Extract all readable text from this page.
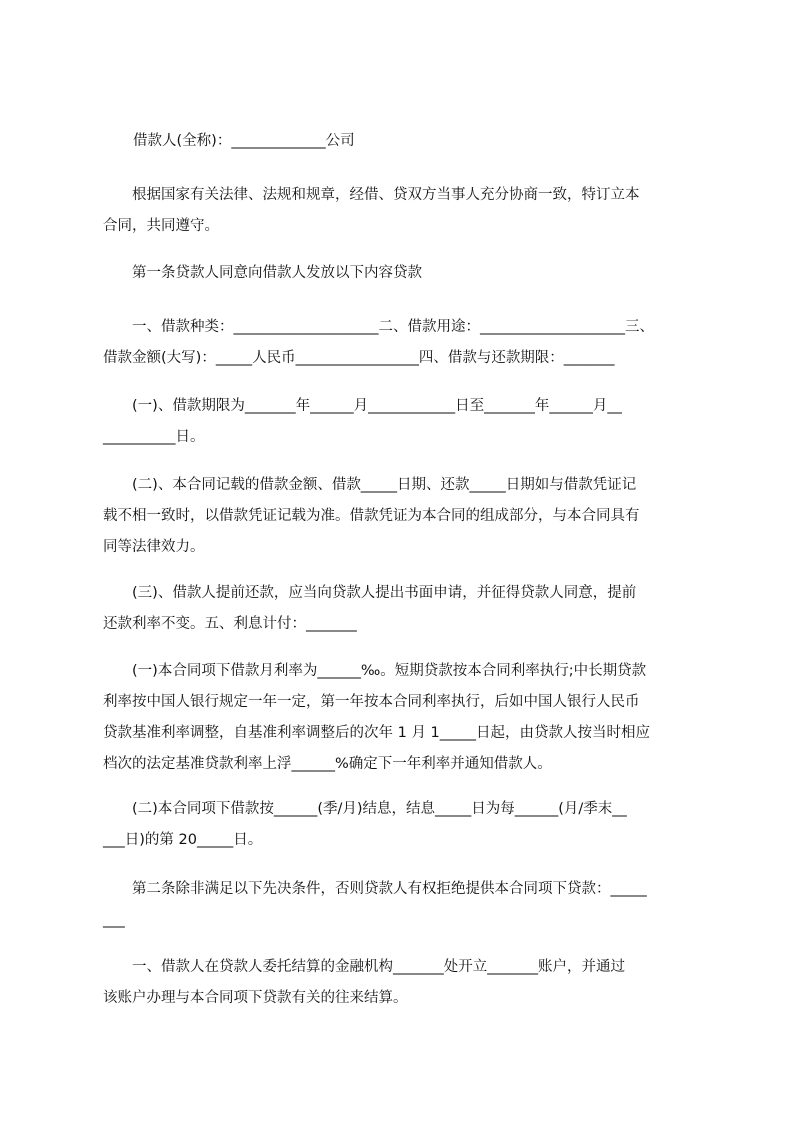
借款人(全称)：_____________公司
　　根据国家有关法律、法规和规章，经借、贷双方当事人充分协商一致，特订立本
合同，共同遵守。
　　第一条贷款人同意向借款人发放以下内容贷款
　　一、借款种类：____________________二、借款用途：____________________三、
借款金额(大写)：_____人民币_________________四、借款与还款期限：_______
　　(一)、借款期限为_______年______月____________日至_______年______月__
__________日。
　　(二)、本合同记载的借款金额、借款_____日期、还款_____日期如与借款凭证记
载不相一致时，以借款凭证记载为准。借款凭证为本合同的组成部分，与本合同具有
同等法律效力。
　　(三)、借款人提前还款，应当向贷款人提出书面申请，并征得贷款人同意，提前
还款利率不变。五、利息计付：_______
　　(一)本合同项下借款月利率为______‰。短期贷款按本合同利率执行;中长期贷款
利率按中国人银行规定一年一定，第一年按本合同利率执行，后如中国人银行人民币
贷款基准利率调整，自基准利率调整后的次年 1 月 1_____日起，由贷款人按当时相应
档次的法定基准贷款利率上浮______%确定下一年利率并通知借款人。
　　(二)本合同项下借款按______(季/月)结息，结息_____日为每______(月/季末__
___日)的第 20_____日。
　　第二条除非满足以下先决条件，否则贷款人有权拒绝提供本合同项下贷款：_____
___
　　一、借款人在贷款人委托结算的金融机构_______处开立_______账户，并通过
该账户办理与本合同项下贷款有关的往来结算。
